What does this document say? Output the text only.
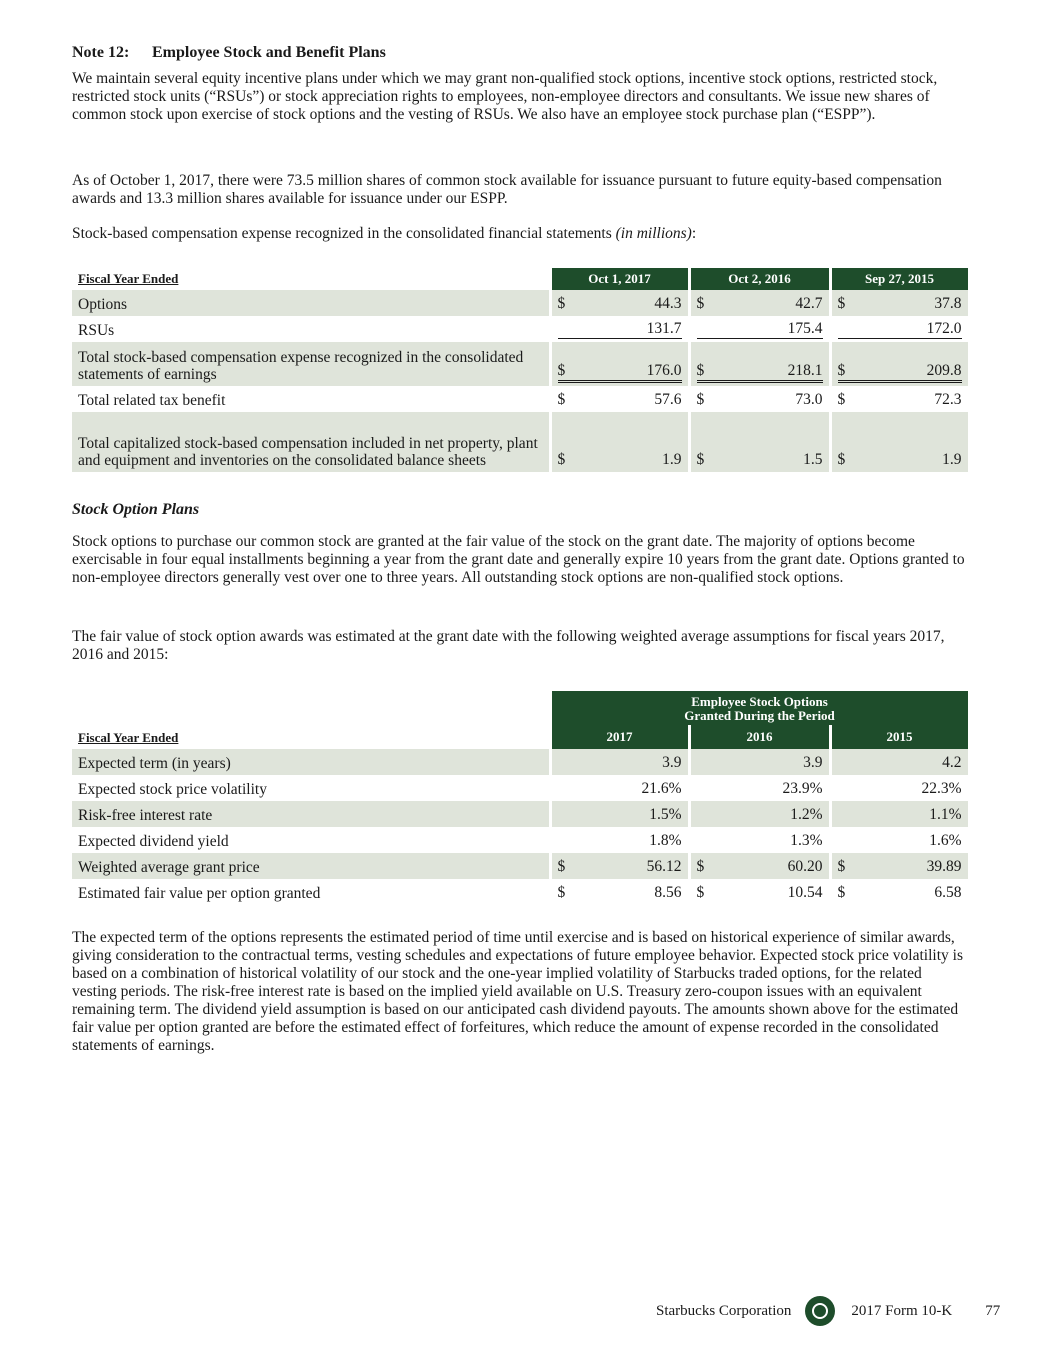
Note 12: Employee Stock and Benefit Plans

We maintain several equity incentive plans under which we may grant non-qualified stock options, incentive stock options, restricted stock, restricted stock units (“RSUs”) or stock appreciation rights to employees, non-employee directors and consultants. We issue new shares of common stock upon exercise of stock options and the vesting of RSUs. We also have an employee stock purchase plan (“ESPP”).

As of October 1, 2017, there were 73.5 million shares of common stock available for issuance pursuant to future equity-based compensation awards and 13.3 million shares available for issuance under our ESPP.

Stock-based compensation expense recognized in the consolidated financial statements (in millions):

Fiscal Year Ended	Oct 1, 2017	Oct 2, 2016	Sep 27, 2015
Options	$ 44.3	$ 42.7	$ 37.8

RSUs	131.7	175.4	172.0

Total stock-based compensation expense recognized in the consolidated statements of earnings	$ 176.0	$ 218.1	$ 209.8

Total related tax benefit	$ 57.6	$ 73.0	$ 72.3

Total capitalized stock-based compensation included in net property, plant and equipment and inventories on the consolidated balance sheets	$ 1.9	$ 1.5	$ 1.9
Stock Option Plans

Stock options to purchase our common stock are granted at the fair value of the stock on the grant date. The majority of options become exercisable in four equal installments beginning a year from the grant date and generally expire 10 years from the grant date. Options granted to non-employee directors generally vest over one to three years. All outstanding stock options are non-qualified stock options.

The fair value of stock option awards was estimated at the grant date with the following weighted average assumptions for fiscal years 2017, 2016 and 2015:

	Employee Stock Options
Granted During the Period		
Fiscal Year Ended	2017	2016	2015
Expected term (in years)	3.9	3.9	4.2

Expected stock price volatility	21.6%	23.9%	22.3%

Risk-free interest rate	1.5%	1.2%	1.1%

Expected dividend yield	1.8%	1.3%	1.6%

Weighted average grant price	$ 56.12	$ 60.20	$ 39.89

Estimated fair value per option granted	$ 8.56	$ 10.54	$ 6.58

The expected term of the options represents the estimated period of time until exercise and is based on historical experience of similar awards, giving consideration to the contractual terms, vesting schedules and expectations of future employee behavior. Expected stock price volatility is based on a combination of historical volatility of our stock and the one-year implied volatility of Starbucks traded options, for the related vesting periods. The risk-free interest rate is based on the implied yield available on U.S. Treasury zero-coupon issues with an equivalent remaining term. The dividend yield assumption is based on our anticipated cash dividend payouts. The amounts shown above for the estimated fair value per option granted are before the estimated effect of forfeitures, which reduce the amount of expense recorded in the consolidated statements of earnings.

Starbucks Corporation	2017 Form 10-K 77
